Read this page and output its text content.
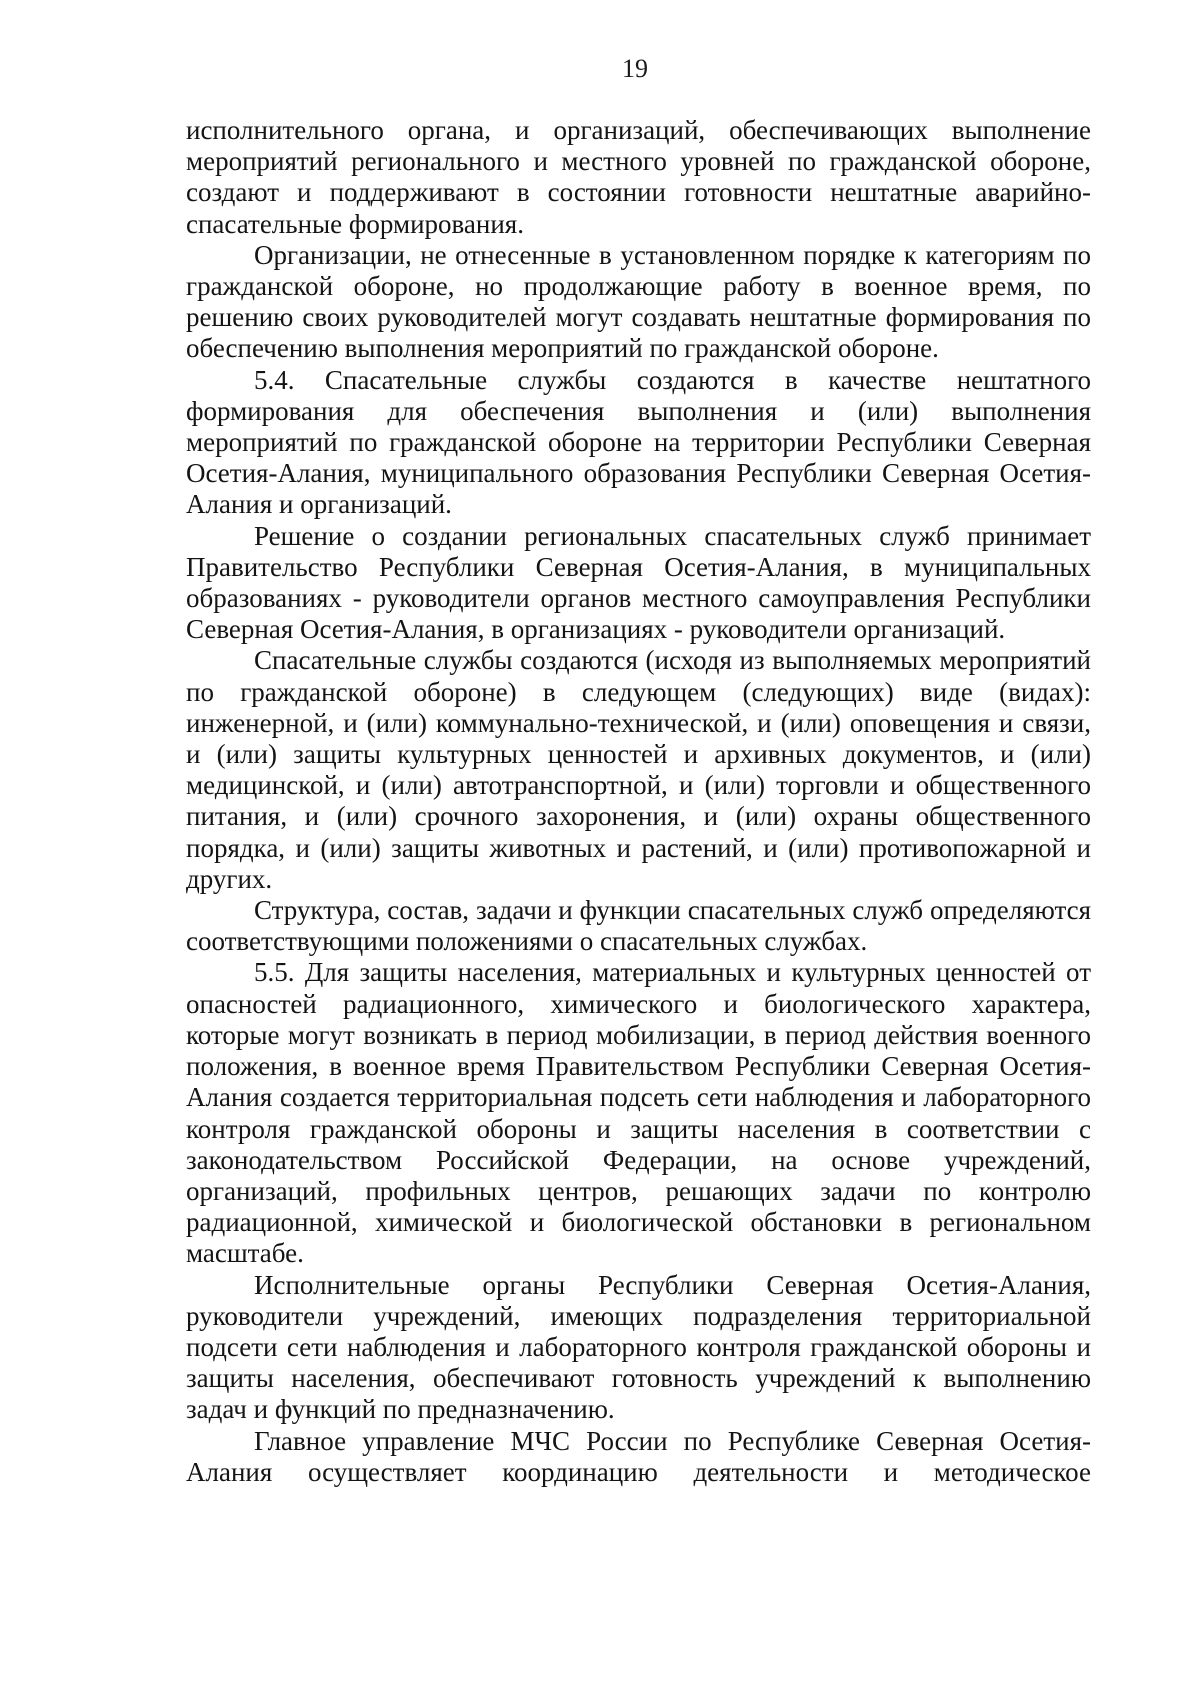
19

исполнительного органа, и организаций, обеспечивающих выполнение мероприятий регионального и местного уровней по гражданской обороне, создают и поддерживают в состоянии готовности нештатные аварийно-спасательные формирования.

Организации, не отнесенные в установленном порядке к категориям по гражданской обороне, но продолжающие работу в военное время, по решению своих руководителей могут создавать нештатные формирования по обеспечению выполнения мероприятий по гражданской обороне.

5.4. Спасательные службы создаются в качестве нештатного формирования для обеспечения выполнения и (или) выполнения мероприятий по гражданской обороне на территории Республики Северная Осетия-Алания, муниципального образования Республики Северная Осетия-Алания и организаций.

Решение о создании региональных спасательных служб принимает Правительство Республики Северная Осетия-Алания, в муниципальных образованиях - руководители органов местного самоуправления Республики Северная Осетия-Алания, в организациях - руководители организаций.

Спасательные службы создаются (исходя из выполняемых мероприятий по гражданской обороне) в следующем (следующих) виде (видах): инженерной, и (или) коммунально-технической, и (или) оповещения и связи, и (или) защиты культурных ценностей и архивных документов, и (или) медицинской, и (или) автотранспортной, и (или) торговли и общественного питания, и (или) срочного захоронения, и (или) охраны общественного порядка, и (или) защиты животных и растений, и (или) противопожарной и других.

Структура, состав, задачи и функции спасательных служб определяются соответствующими положениями о спасательных службах.

5.5. Для защиты населения, материальных и культурных ценностей от опасностей радиационного, химического и биологического характера, которые могут возникать в период мобилизации, в период действия военного положения, в военное время Правительством Республики Северная Осетия-Алания создается территориальная подсеть сети наблюдения и лабораторного контроля гражданской обороны и защиты населения в соответствии с законодательством Российской Федерации, на основе учреждений, организаций, профильных центров, решающих задачи по контролю радиационной, химической и биологической обстановки в региональном масштабе.

Исполнительные органы Республики Северная Осетия-Алания, руководители учреждений, имеющих подразделения территориальной подсети сети наблюдения и лабораторного контроля гражданской обороны и защиты населения, обеспечивают готовность учреждений к выполнению задач и функций по предназначению.

Главное управление МЧС России по Республике Северная Осетия-Алания осуществляет координацию деятельности и методическое
